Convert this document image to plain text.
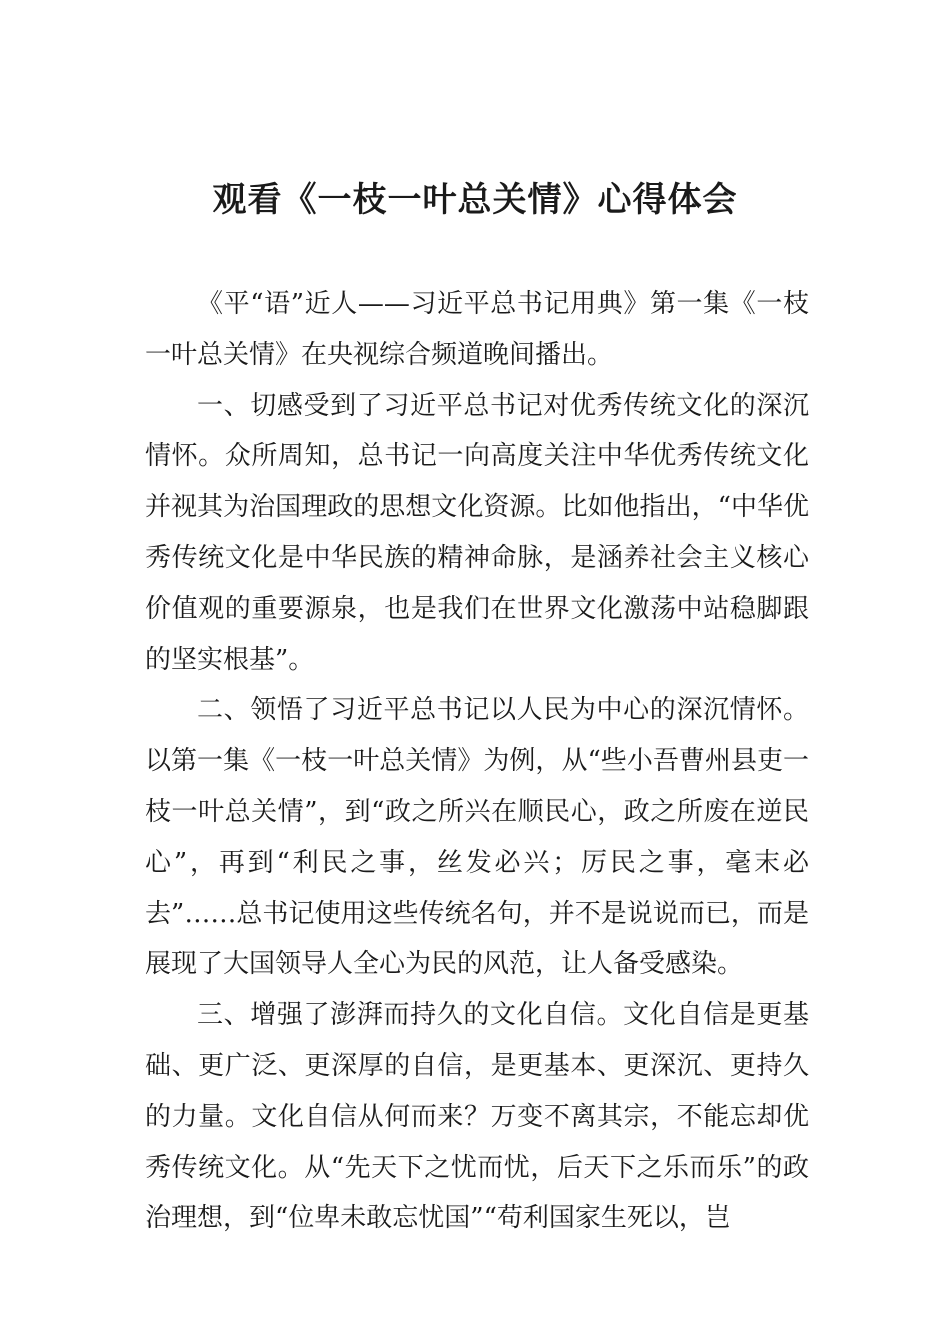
观看《一枝一叶总关情》心得体会

《平“语”近人——习近平总书记用典》第一集《一枝一叶总关情》在央视综合频道晚间播出。

一、切感受到了习近平总书记对优秀传统文化的深沉情怀。众所周知，总书记一向高度关注中华优秀传统文化并视其为治国理政的思想文化资源。比如他指出，“中华优秀传统文化是中华民族的精神命脉，是涵养社会主义核心价值观的重要源泉，也是我们在世界文化激荡中站稳脚跟的坚实根基”。

二、领悟了习近平总书记以人民为中心的深沉情怀。以第一集《一枝一叶总关情》为例，从“些小吾曹州县吏一枝一叶总关情”，到“政之所兴在顺民心，政之所废在逆民心”，再到“利民之事，丝发必兴；厉民之事，毫末必去”……总书记使用这些传统名句，并不是说说而已，而是展现了大国领导人全心为民的风范，让人备受感染。

三、增强了澎湃而持久的文化自信。文化自信是更基础、更广泛、更深厚的自信，是更基本、更深沉、更持久的力量。文化自信从何而来？万变不离其宗，不能忘却优秀传统文化。从“先天下之忧而忧，后天下之乐而乐”的政治理想，到“位卑未敢忘忧国”“苟利国家生死以，岂
